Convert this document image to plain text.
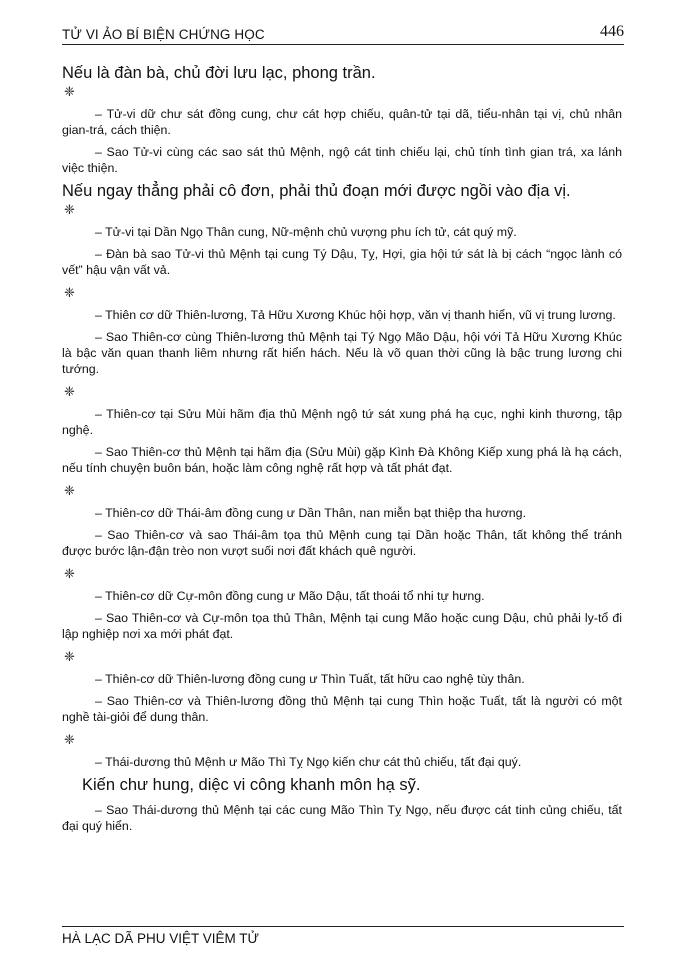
TỬ VI ẢO BÍ BIỆN CHỨNG HỌC	446
Nếu là đàn bà, chủ đời lưu lạc, phong trần.
❈
– Tử-vi dữ chư sát đồng cung, chư cát hợp chiếu, quân-tử tại dã, tiểu-nhân tại vị, chủ nhân gian-trá, cách thiện.
– Sao Tử-vi cùng các sao sát thủ Mệnh, ngộ cát tinh chiếu lại, chủ tính tình gian trá, xa lánh việc thiện.
Nếu ngay thẳng phải cô đơn, phải thủ đoạn mới được ngồi vào địa vị.
❈
– Tử-vi tại Dần Ngọ Thân cung, Nữ-mệnh chủ vượng phu ích tử, cát quý mỹ.
– Đàn bà sao Tử-vi thủ Mệnh tại cung Tý Dậu, Tỵ, Hợi, gia hội tứ sát là bị cách “ngọc lành có vết” hậu vận vất vả.
❈
– Thiên cơ dữ Thiên-lương, Tả Hữu Xương Khúc hội hợp, văn vị thanh hiển, vũ vị trung lương.
– Sao Thiên-cơ cùng Thiên-lương thủ Mệnh tại Tý Ngọ Mão Dậu, hội với Tả Hữu Xương Khúc là bậc văn quan thanh liêm nhưng rất hiển hách. Nếu là võ quan thời cũng là bậc trung lương chi tướng.
❈
– Thiên-cơ tại Sửu Mùi hãm địa thủ Mệnh ngộ tứ sát xung phá hạ cục, nghi kinh thương, tập nghệ.
– Sao Thiên-cơ thủ Mệnh tại hãm địa (Sửu Mùi) gặp Kình Đà Không Kiếp xung phá là hạ cách, nếu tính chuyện buôn bán, hoặc làm công nghệ rất hợp và tất phát đạt.
❈
– Thiên-cơ dữ Thái-âm đồng cung ư Dần Thân, nan miễn bạt thiệp tha hương.
– Sao Thiên-cơ và sao Thái-âm tọa thủ Mệnh cung tại Dần hoặc Thân, tất không thể tránh được bước lận-đận trèo non vượt suối nơi đất khách quê người.
❈
– Thiên-cơ dữ Cự-môn đồng cung ư Mão Dậu, tất thoái tổ nhi tự hưng.
– Sao Thiên-cơ và Cự-môn tọa thủ Thân, Mệnh tại cung Mão hoặc cung Dậu, chủ phải ly-tổ đi lập nghiệp nơi xa mới phát đạt.
❈
– Thiên-cơ dữ Thiên-lương đồng cung ư Thìn Tuất, tất hữu cao nghệ tùy thân.
– Sao Thiên-cơ và Thiên-lương đồng thủ Mệnh tại cung Thìn hoặc Tuất, tất là người có một nghề tài-giỏi để dung thân.
❈
– Thái-dương thủ Mệnh ư Mão Thì Tỵ Ngọ kiến chư cát thủ chiếu, tất đại quý.
Kiến chư hung, diệc vi công khanh môn hạ sỹ.
– Sao Thái-dương thủ Mệnh tại các cung Mão Thìn Tỵ Ngọ, nếu được cát tinh củng chiếu, tất đại quý hiển.
HÀ LẠC DÃ PHU VIỆT VIÊM TỬ
